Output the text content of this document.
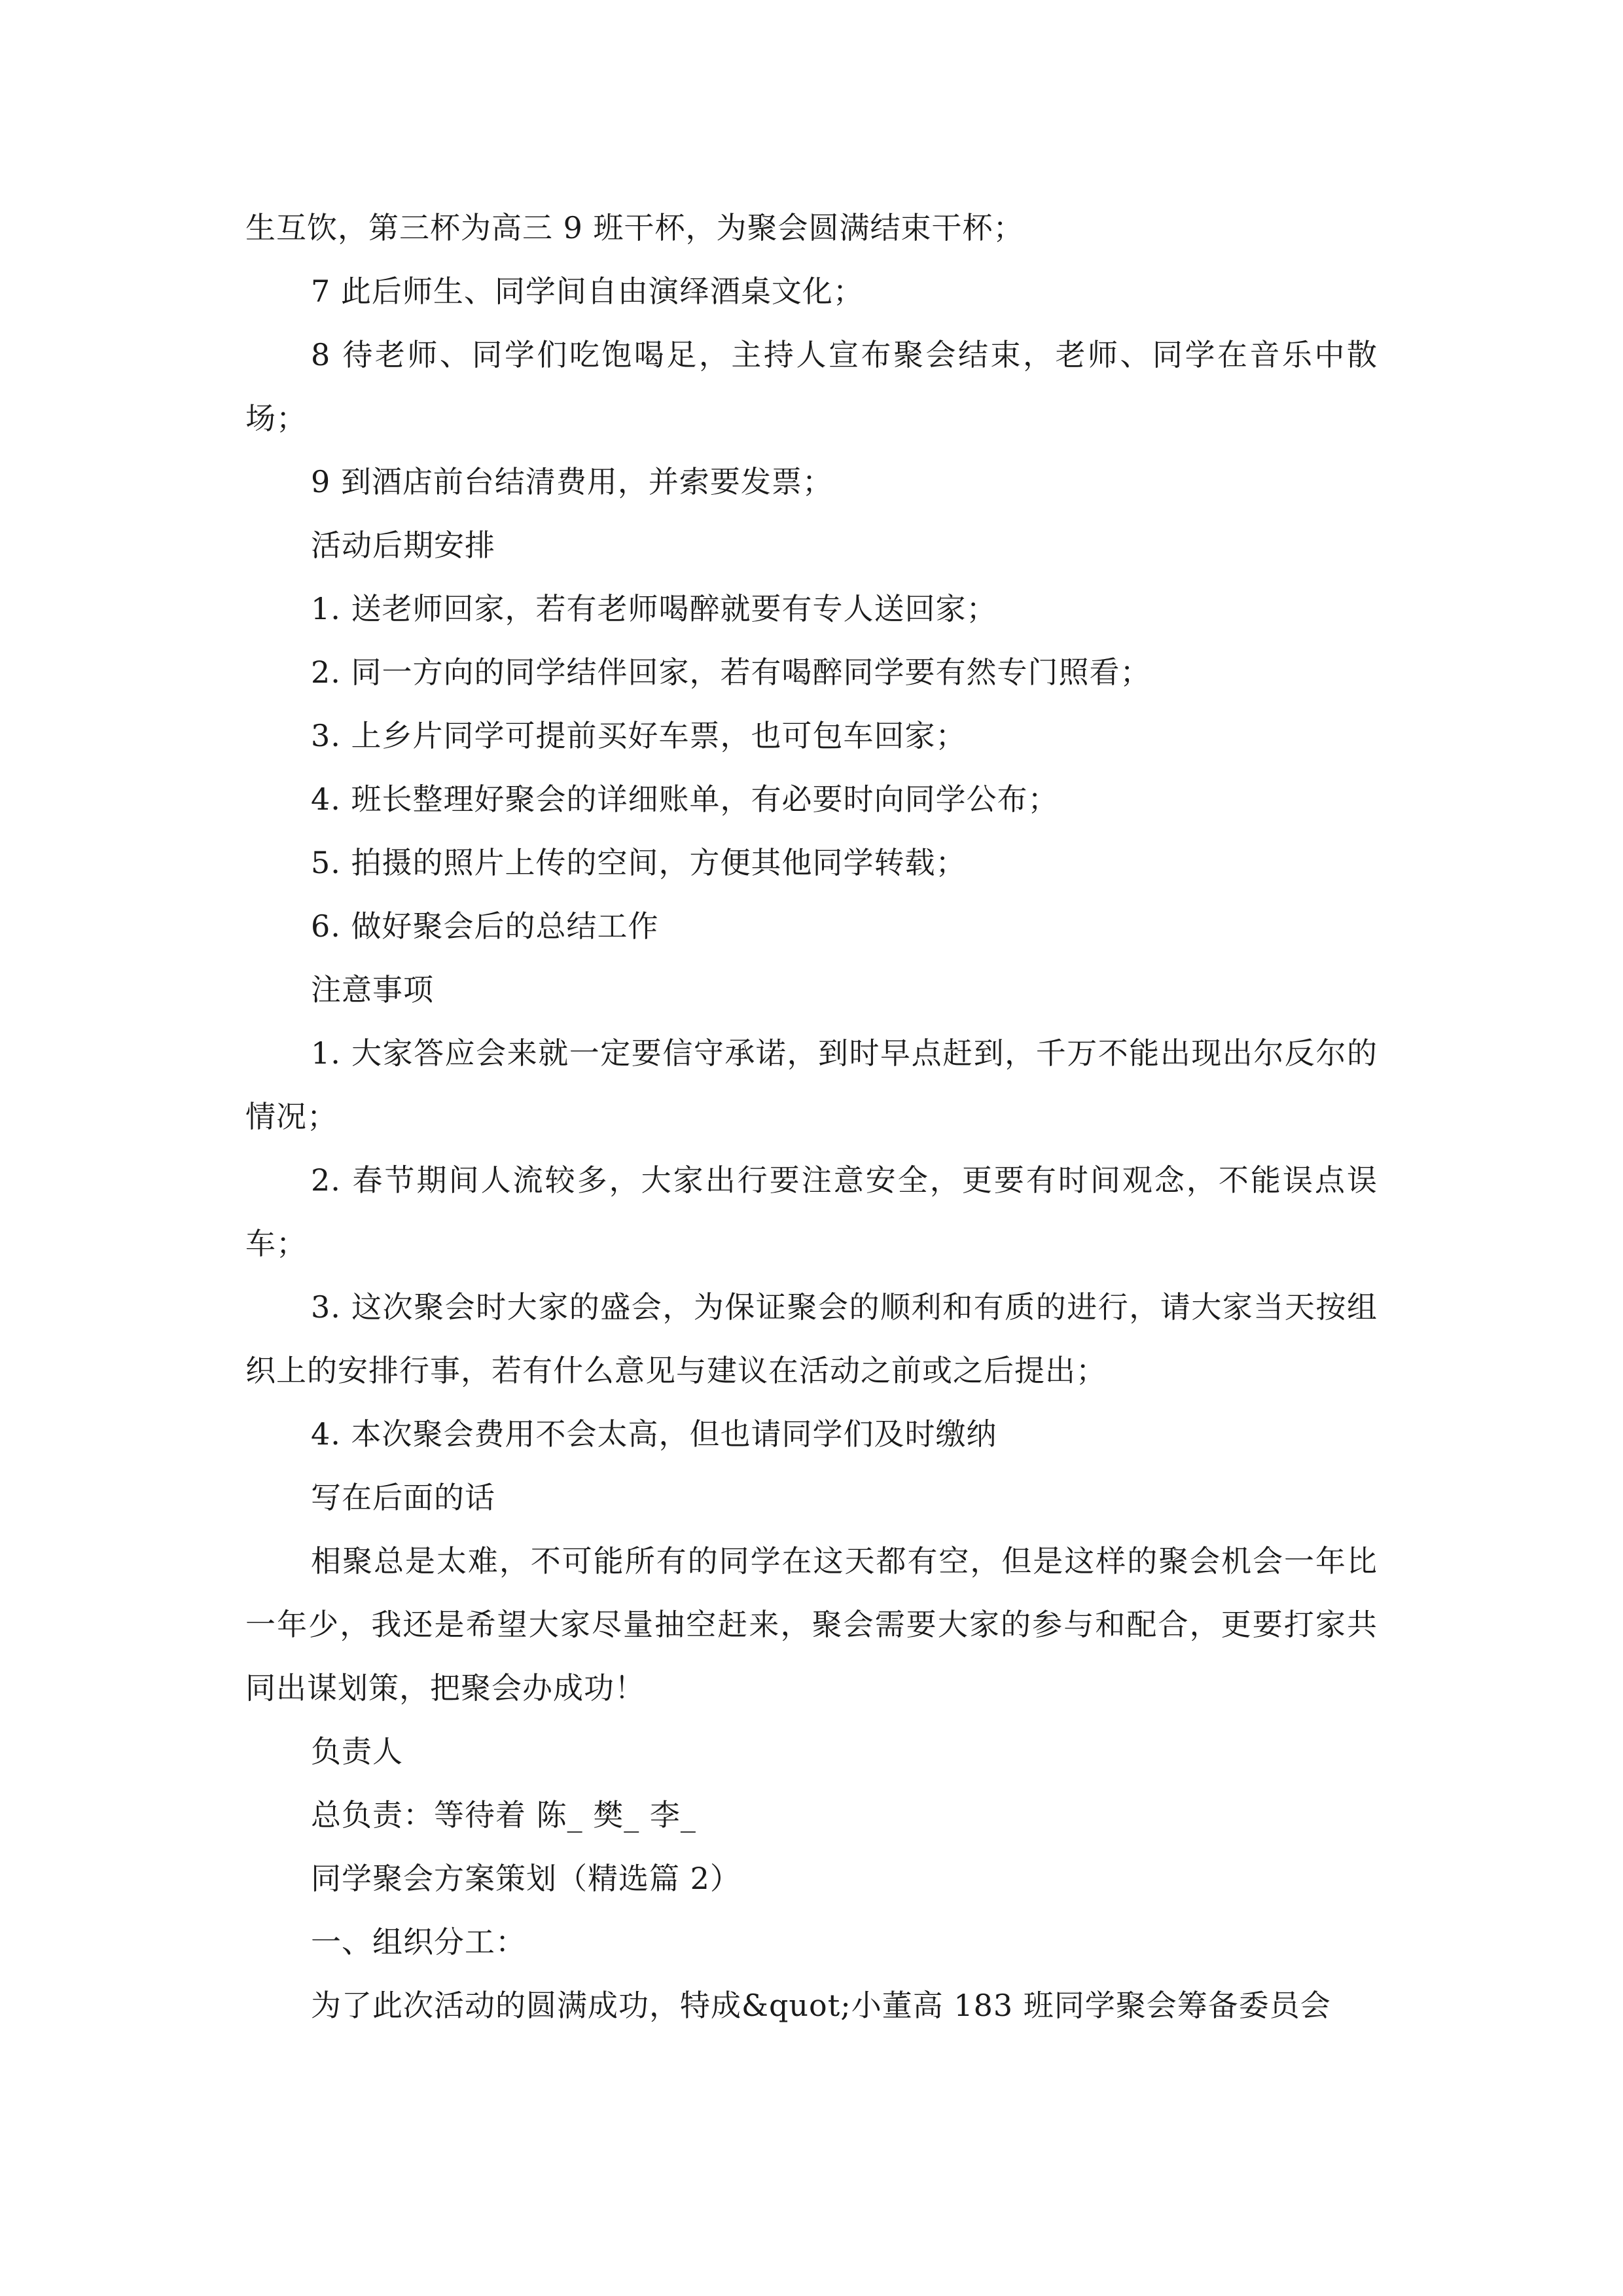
生互饮，第三杯为高三 9 班干杯，为聚会圆满结束干杯；

7 此后师生、同学间自由演绎酒桌文化；

8 待老师、同学们吃饱喝足，主持人宣布聚会结束，老师、同学在音乐中散场；

9 到酒店前台结清费用，并索要发票；

活动后期安排

1. 送老师回家，若有老师喝醉就要有专人送回家；

2. 同一方向的同学结伴回家，若有喝醉同学要有然专门照看；

3. 上乡片同学可提前买好车票，也可包车回家；

4. 班长整理好聚会的详细账单，有必要时向同学公布；

5. 拍摄的照片上传的空间，方便其他同学转载；

6. 做好聚会后的总结工作

注意事项

1. 大家答应会来就一定要信守承诺，到时早点赶到，千万不能出现出尔反尔的情况；

2. 春节期间人流较多，大家出行要注意安全，更要有时间观念，不能误点误车；

3. 这次聚会时大家的盛会，为保证聚会的顺利和有质的进行，请大家当天按组织上的安排行事，若有什么意见与建议在活动之前或之后提出；

4. 本次聚会费用不会太高，但也请同学们及时缴纳

写在后面的话

相聚总是太难，不可能所有的同学在这天都有空，但是这样的聚会机会一年比一年少，我还是希望大家尽量抽空赶来，聚会需要大家的参与和配合，更要打家共同出谋划策，把聚会办成功！

负责人

总负责：等待着 陈_ 樊_ 李_

同学聚会方案策划（精选篇 2）

一、组织分工：

为了此次活动的圆满成功，特成&quot;小董高 183 班同学聚会筹备委员会
